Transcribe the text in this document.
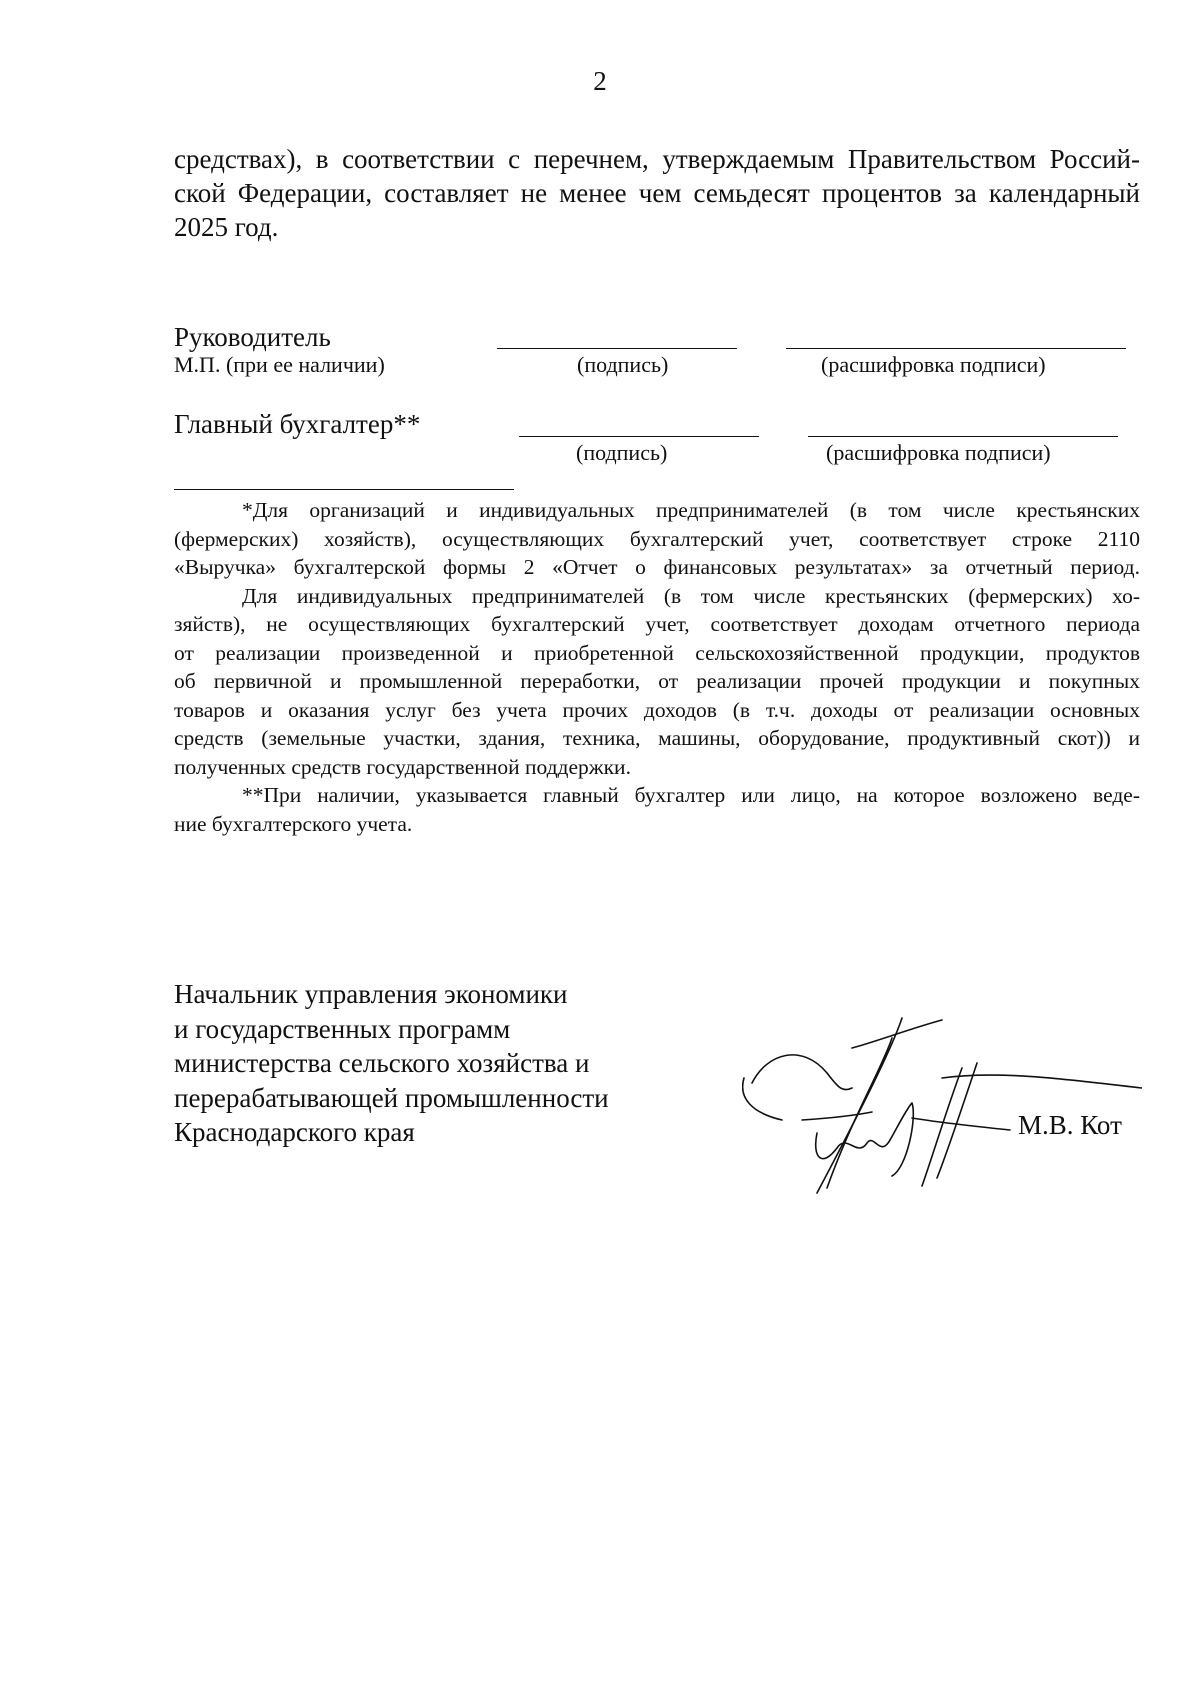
2

средствах), в соответствии с перечнем, утверждаемым Правительством Россий-
ской Федерации, составляет не менее чем семьдесят процентов за календарный
2025 год.

Руководитель
М.П. (при ее наличии)	(подпись)	(расшифровка подписи)
Главный бухгалтер**
(подпись)	(расшифровка подписи)
*Для организаций и индивидуальных предпринимателей (в том числе крестьянских
(фермерских) хозяйств), осуществляющих бухгалтерский учет, соответствует строке 2110
«Выручка» бухгалтерской формы 2 «Отчет о финансовых результатах» за отчетный период.
Для индивидуальных предпринимателей (в том числе крестьянских (фермерских) хо-
зяйств), не осуществляющих бухгалтерский учет, соответствует доходам отчетного периода
от реализации произведенной и приобретенной сельскохозяйственной продукции, продуктов
об первичной и промышленной переработки, от реализации прочей продукции и покупных
товаров и оказания услуг без учета прочих доходов (в т.ч. доходы от реализации основных
средств (земельные участки, здания, техника, машины, оборудование, продуктивный скот)) и
полученных средств государственной поддержки.
**При наличии, указывается главный бухгалтер или лицо, на которое возложено веде-
ние бухгалтерского учета.
Начальник управления экономики
и государственных программ
министерства сельского хозяйства и
перерабатывающей промышленности
Краснодарского края	М.В. Кот
